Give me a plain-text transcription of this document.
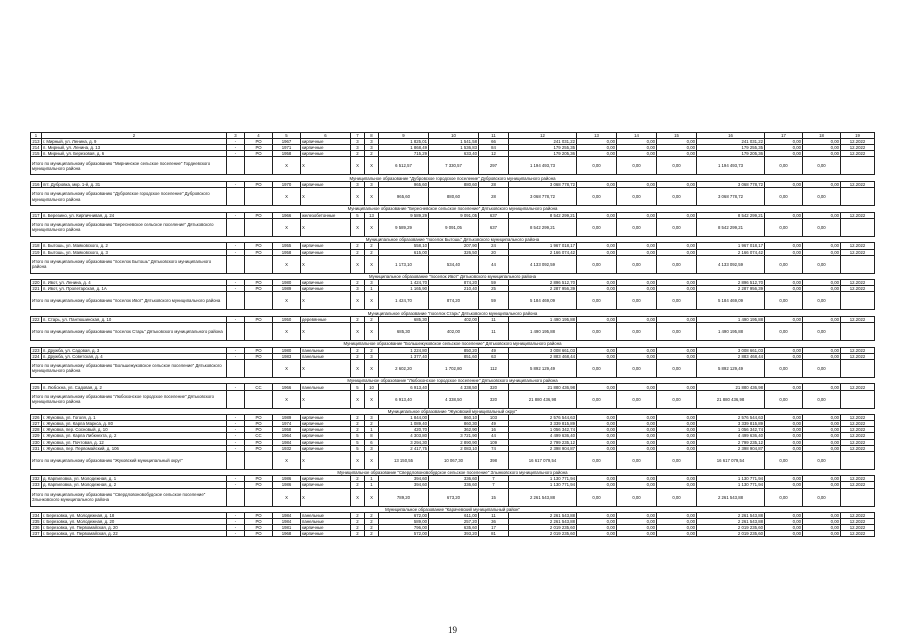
1	2	3	4	5	6	7	8	9	10	11	12	13	14	15	16	17	18	19
213	г. Мирный, ул. Ленина, д. 9	-	РО	1967	кирпичные	3	3	1 825,01	1 541,58	66	241 031,22	0,00	0,00	0,00	241 031,22	0,00	0,00	12.2022
214	п. Мирный, ул. Ленина, д. 13	-	РО	1971	кирпичные	3	3	1 868,49	1 536,83	84	179 255,35	0,00	0,00	0,00	179 255,35	0,00	0,00	12.2022
215	п. Мирный, ул. Березовая, д. 6	-	РО	1958	кирпичные	2	2	715,29	633,40	12	179 205,36	0,00	0,00	0,00	179 205,36	0,00	0,00	12.2022
Итого по муниципальному образованию "Мирнинское сельское поселение" Гордеевского муниципального района				X	X	X	X	6 512,57	7 330,57	297	1 194 493,73	0,00	0,00	0,00	1 194 493,73	0,00	0,00	
Муниципальное образование "Дубровское городское поселение" Дубровского муниципального района																		
216	пгт. Дубровка, мкр. 1-й, д. 31	-	РО	1970	кирпичные	3	3	965,60	880,60	28	3 068 778,72	0,00	0,00	0,00	3 068 778,72	0,00	0,00	12.2022
Итого по муниципальному образованию "Дубровское городское поселение" Дубровского муниципального района				X	X	X	X	965,60	880,60	28	3 068 778,72	0,00	0,00	0,00	3 068 778,72	0,00	0,00	
Муниципальное образование "Бересневское сельское поселение" Дятьковского муниципального района																		
217	п. Березино, ул. Кирпичнивая, д. 24	-	РО	1966	железобетонные	5	13	9 589,29	9 091,05	637	8 542 299,21	0,00	0,00	0,00	8 542 299,21	0,00	0,00	12.2022
Итого по муниципальному образованию "Бересневское сельское поселение" Дятьковского муниципального района				X	X	X	X	9 589,29	9 091,05	637	8 542 299,21	0,00	0,00	0,00	8 542 299,21	0,00	0,00	
Муниципальное образование "поселок Бытошь" Дятьковского муниципального района																		
218	п. Бытошь, ул. Маяковского, д. 2	-	РО	1955	кирпичные	2	2	558,10	207,90	24	1 967 018,17	0,00	0,00	0,00	1 967 018,17	0,00	0,00	12.2022
219	п. Бытошь, ул. Маяковского, д. 3	-	РО	1958	кирпичные	2	2	615,00	326,50	20	2 166 074,42	0,00	0,00	0,00	2 166 074,42	0,00	0,00	12.2022
Итого по муниципальному образованию "поселок Бытошь" Дятьковского муниципального района				X	X	X	X	1 173,10	534,40	44	4 133 092,59	0,00	0,00	0,00	4 133 092,59	0,00	0,00	
Муниципальное образование "поселок Ивот" Дятьковского муниципального района																		
220	п. Ивот, ул. Ленина, д. 4	-	РО	1980	кирпичные	2	3	1 424,70	874,20	59	2 896 512,70	0,00	0,00	0,00	2 896 512,70	0,00	0,00	12.2022
221	п. Ивот, ул. Пролетарская, д. 1А	-	РО	1989	кирпичные	3	1	1 165,90	210,40	25	2 287 956,39	0,00	0,00	0,00	2 287 956,39	0,00	0,00	12.2022
Итого по муниципальному образованию "поселок Ивот" Дятьковского муниципального района				X	X	X	X	1 424,70	874,20	59	5 184 469,09	0,00	0,00	0,00	5 184 469,09	0,00	0,00	
Муниципальное образование "поселок Старь" Дятьковского муниципального района																		
222	п. Старь, ул. Пантюшинская, д. 10	-	РО	1950	деревянные	2	2	685,30	402,00	11	1 490 195,88	0,00	0,00	0,00	1 490 195,88	0,00	0,00	12.2022
Итого по муниципальному образованию "поселок Старь" Дятьковского муниципального района				X	X	X	X	685,30	402,00	11	1 490 195,88	0,00	0,00	0,00	1 490 195,88	0,00	0,00	
Муниципальное образование "Большежуковское сельское поселение" Дятьковского муниципального района																		
223	п. Дружба, ул. Садовая, д. 3	-	РО	1980	панельные	2	2	1 224,80	850,20	49	3 008 661,03	0,00	0,00	0,00	3 008 661,03	0,00	0,00	12.2022
224	п. Дружба, ул. Советская, д. 4	-	РО	1983	панельные	2	3	1 377,40	851,60	63	2 883 468,44	0,00	0,00	0,00	2 883 468,44	0,00	0,00	12.2022
Итого по муниципальному образованию "Большежуковское сельское поселение" Дятьковского муниципального района				X	X	X	X	2 602,20	1 702,80	112	5 892 129,49	0,00	0,00	0,00	5 892 129,49	0,00	0,00	
Муниципальное образование "Любохонское городское поселение" Дятьковского муниципального района																		
225	п. Любохна, ул. Садовая, д. 2	-	СС	1966	панельные	5	10	6 913,40	4 338,50	320	21 880 436,98	0,00	0,00	0,00	21 880 436,98	0,00	0,00	12.2022
Итого по муниципальному образованию "Любохонское городское поселение" Дятьковского муниципального района				X	X	X	X	6 913,40	4 338,50	320	21 880 436,98	0,00	0,00	0,00	21 880 436,98	0,00	0,00	
Муниципальное образование "Жуковский муниципальный округ"																		
226	г. Жуковка, ул. Гоголя, д. 1	-	РО	1989	кирпичные	2	3	1 844,00	860,10	103	2 576 544,63	0,00	0,00	0,00	2 576 544,63	0,00	0,00	12.2022
227	г. Жуковка, ул. Карла Маркса, д. 80	-	РО	1974	кирпичные	2	2	1 089,40	860,30	49	3 339 815,89	0,00	0,00	0,00	3 339 815,89	0,00	0,00	12.2022
228	г. Жуковка, пер. Сосновый, д. 10	-	РО	1958	кирпичные	2	1	420,70	362,90	16	1 056 342,74	0,00	0,00	0,00	1 056 342,74	0,00	0,00	12.2022
229	г. Жуковка, ул. Карла Либкнехта, д. 2	-	СС	1964	кирпичные	5	8	4 303,80	3 721,90	44	4 499 636,40	0,00	0,00	0,00	4 499 636,40	0,00	0,00	12.2022
230	г. Жуковка, ул. Почтовая, д. 12	-	РО	1984	кирпичные	5	6	3 294,30	2 890,90	109	2 799 235,12	0,00	0,00	0,00	2 799 235,12	0,00	0,00	12.2022
231	г. Жуковка, пер. Первомайский, д. 106	-	РО	1932	кирпичные	5	3	2 417,75	2 083,10	74	2 398 904,87	0,00	0,00	0,00	2 398 904,87	0,00	0,00	12.2022
Итого по муниципальному образованию "Жуковский муниципальный округ"				X	X	X	X	13 150,55	10 067,30	398	16 617 079,54	0,00	0,00	0,00	16 617 079,54	0,00	0,00	
Муниципальное образование "Свердловоновобудское сельское поселение" Злынковского муниципального района																		
232	д. Карпиловка, ул. Молодежная, д. 1	-	РО	1986	кирпичные	2	1	394,60	336,60	7	1 130 771,94	0,00	0,00	0,00	1 130 771,94	0,00	0,00	12.2022
233	д. Карпиловка, ул. Молодежная, д. 2	-	РО	1986	кирпичные	2	1	394,60	336,60	7	1 130 771,94	0,00	0,00	0,00	1 130 771,94	0,00	0,00	12.2022
Итого по муниципальному образованию "Свердловоновобудское сельское поселение" Злынковского муниципального района				X	X	X	X	789,20	673,20	15	2 261 543,88	0,00	0,00	0,00	2 261 543,88	0,00	0,00	
Муниципальное образование "Карачевский муниципальный район"																		
234	г. Березовка, ул. Молодежная, д. 18	-	РО	1984	панельные	2	2	672,00	611,00	11	2 261 543,88	0,00	0,00	0,00	2 261 543,88	0,00	0,00	12.2022
235	г. Березовка, ул. Молодежная, д. 20	-	РО	1984	панельные	2	2	589,00	257,20	36	2 261 543,88	0,00	0,00	0,00	2 261 543,88	0,00	0,00	12.2022
236	г. Березовка, ул. Первомайская, д. 20	-	РО	1981	кирпичные	2	2	796,00	635,60	17	2 019 235,60	0,00	0,00	0,00	2 019 235,60	0,00	0,00	12.2022
237	г. Березовка, ул. Первомайская, д. 22	-	РО	1968	кирпичные	2	2	572,00	393,20	81	2 019 235,60	0,00	0,00	0,00	2 019 235,60	0,00	0,00	12.2022
19
